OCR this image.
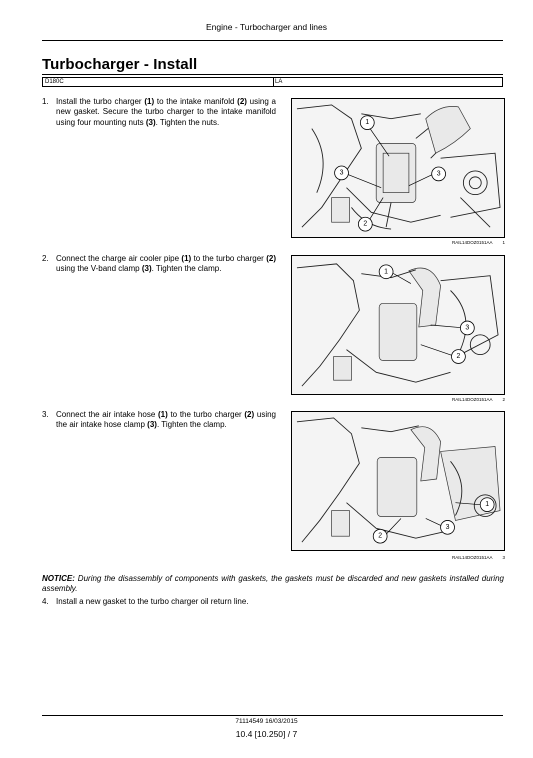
Engine - Turbocharger and lines
Turbocharger - Install
D180C	LA
1. Install the turbo charger (1) to the intake manifold (2) using a new gasket. Secure the turbo charger to the intake manifold using four mounting nuts (3). Tighten the nuts.
2. Connect the charge air cooler pipe (1) to the turbo charger (2) using the V-band clamp (3). Tighten the clamp.
3. Connect the air intake hose (1) to the turbo charger (2) using the air intake hose clamp (3). Tighten the clamp.
1
3	3
2
RAIL14DOZ0151AA 1
1
3
2
RAIL14DOZ0151AA 2
1
2
3
RAIL14DOZ0151AA 3
NOTICE: During the disassembly of components with gaskets, the gaskets must be discarded and new gaskets installed during assembly.
4. Install a new gasket to the turbo charger oil return line.
71114549 16/03/2015
10.4 [10.250] / 7
